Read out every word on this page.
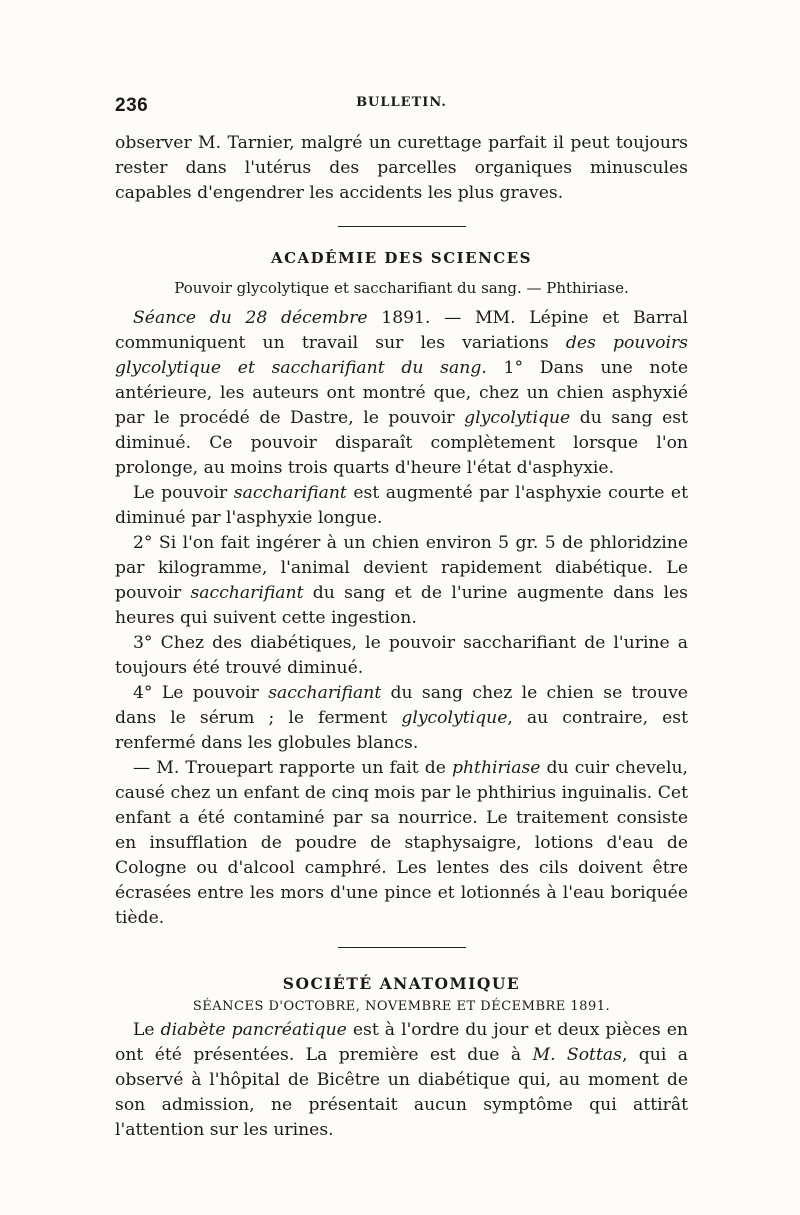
236	BULLETIN.

observer M. Tarnier, malgré un curettage parfait il peut toujours rester dans l'utérus des parcelles organiques minuscules capables d'engendrer les accidents les plus graves.

ACADÉMIE DES SCIENCES
Pouvoir glycolytique et saccharifiant du sang. — Phthiriase.

Séance du 28 décembre 1891. — MM. Lépine et Barral communiquent un travail sur les variations des pouvoirs glycolytique et saccharifiant du sang. 1° Dans une note antérieure, les auteurs ont montré que, chez un chien asphyxié par le procédé de Dastre, le pouvoir glycolytique du sang est diminué. Ce pouvoir disparaît complètement lorsque l'on prolonge, au moins trois quarts d'heure l'état d'asphyxie.

Le pouvoir saccharifiant est augmenté par l'asphyxie courte et diminué par l'asphyxie longue.

2° Si l'on fait ingérer à un chien environ 5 gr. 5 de phloridzine par kilogramme, l'animal devient rapidement diabétique. Le pouvoir saccharifiant du sang et de l'urine augmente dans les heures qui suivent cette ingestion.

3° Chez des diabétiques, le pouvoir saccharifiant de l'urine a toujours été trouvé diminué.

4° Le pouvoir saccharifiant du sang chez le chien se trouve dans le sérum ; le ferment glycolytique, au contraire, est renfermé dans les globules blancs.

— M. Trouepart rapporte un fait de phthiriase du cuir chevelu, causé chez un enfant de cinq mois par le phthirius inguinalis. Cet enfant a été contaminé par sa nourrice. Le traitement consiste en insufflation de poudre de staphysaigre, lotions d'eau de Cologne ou d'alcool camphré. Les lentes des cils doivent être écrasées entre les mors d'une pince et lotionnés à l'eau boriquée tiède.

SOCIÉTÉ ANATOMIQUE
SÉANCES D'OCTOBRE, NOVEMBRE ET DÉCEMBRE 1891.

Le diabète pancréatique est à l'ordre du jour et deux pièces en ont été présentées. La première est due à M. Sottas, qui a observé à l'hôpital de Bicêtre un diabétique qui, au moment de son admission, ne présentait aucun symptôme qui attirât l'attention sur les urines.
